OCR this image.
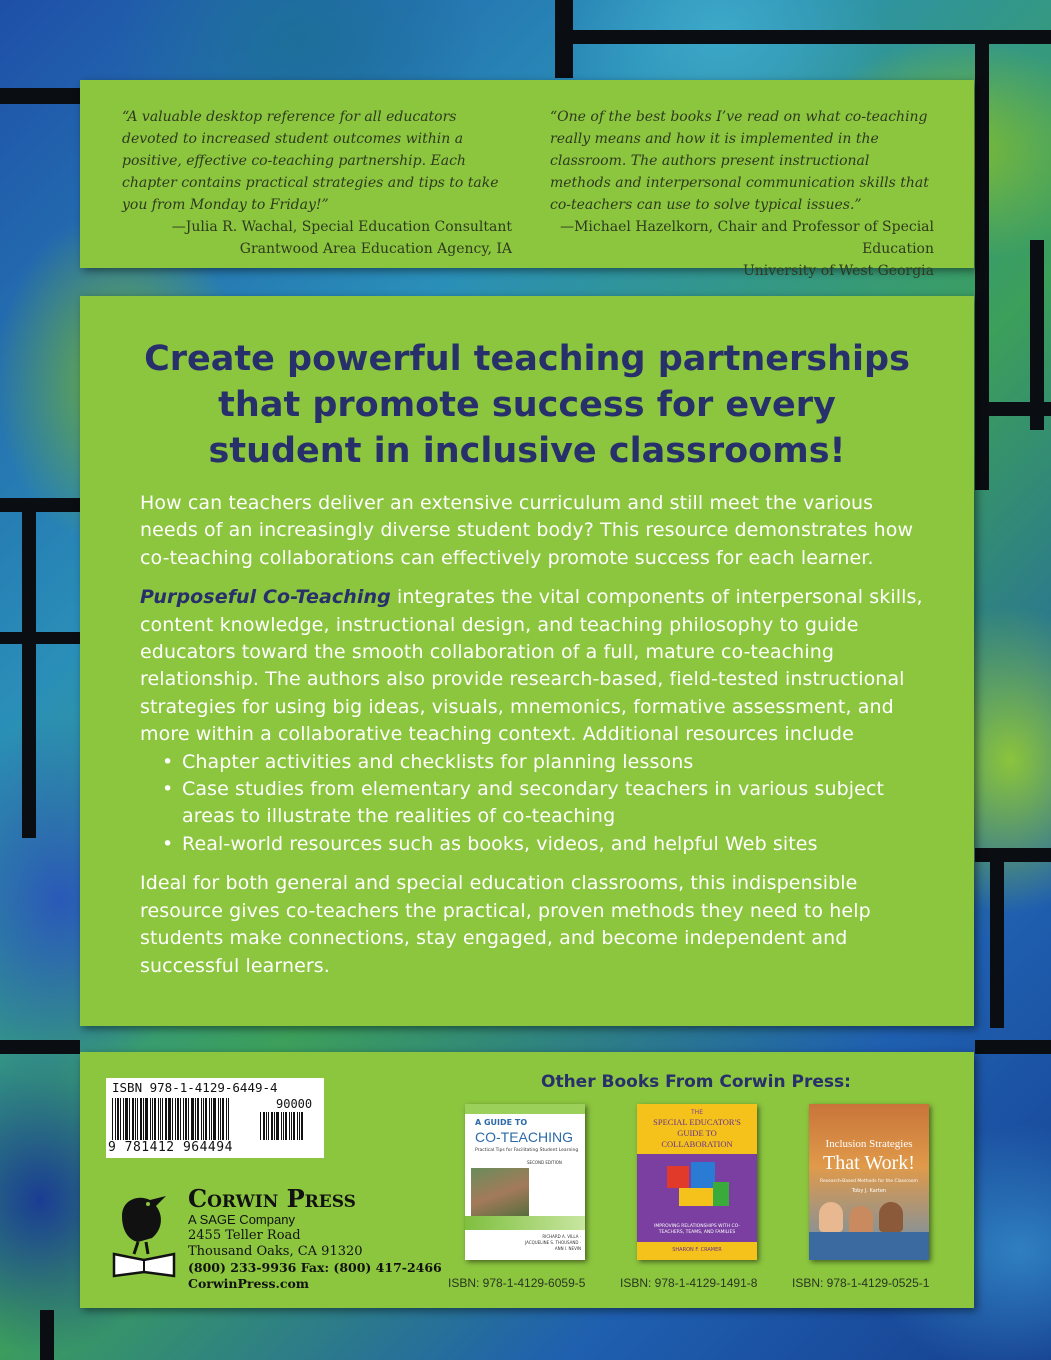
“A valuable desktop reference for all educators devoted to increased student outcomes within a positive, effective co-teaching partnership. Each chapter contains practical strategies and tips to take you from Monday to Friday!”
—Julia R. Wachal, Special Education Consultant
Grantwood Area Education Agency, IA
“One of the best books I’ve read on what co-teaching really means and how it is implemented in the classroom. The authors present instructional methods and interpersonal communication skills that co-teachers can use to solve typical issues.”
—Michael Hazelkorn, Chair and Professor of Special Education
University of West Georgia
Create powerful teaching partnerships
that promote success for every
student in inclusive classrooms!

How can teachers deliver an extensive curriculum and still meet the various needs of an increasingly diverse student body? This resource demonstrates how co-teaching collaborations can effectively promote success for each learner.

Purposeful Co-Teaching integrates the vital components of interpersonal skills, content knowledge, instructional design, and teaching philosophy to guide educators toward the smooth collaboration of a full, mature co-teaching relationship. The authors also provide research-based, field-tested instructional strategies for using big ideas, visuals, mnemonics, formative assessment, and more within a collaborative teaching context. Additional resources include

• Chapter activities and checklists for planning lessons
• Case studies from elementary and secondary teachers in various subject areas to illustrate the realities of co-teaching
• Real-world resources such as books, videos, and helpful Web sites

Ideal for both general and special education classrooms, this indispensible resource gives co-teachers the practical, proven methods they need to help students make connections, stay engaged, and become independent and successful learners.

ISBN 978-1-4129-6449-4
90000
9 781412 964494
Corwin Press
A SAGE Company
2455 Teller Road
Thousand Oaks, CA 91320
(800) 233-9936 Fax: (800) 417-2466
CorwinPress.com
Other Books From Corwin Press:
A GUIDE TO
CO-TEACHING
Practical Tips for Facilitating Student Learning
SECOND EDITION
RICHARD A. VILLA · JACQUELINE S. THOUSAND · ANN I. NEVIN
ISBN: 978-1-4129-6059-5
THE
SPECIAL EDUCATOR'S GUIDE TO COLLABORATION
IMPROVING RELATIONSHIPS WITH CO-TEACHERS, TEAMS, AND FAMILIES
SHARON F. CRAMER
ISBN: 978-1-4129-1491-8
Inclusion Strategies
That Work!
Research-Based Methods for the Classroom
Toby J. Karten
ISBN: 978-1-4129-0525-1
